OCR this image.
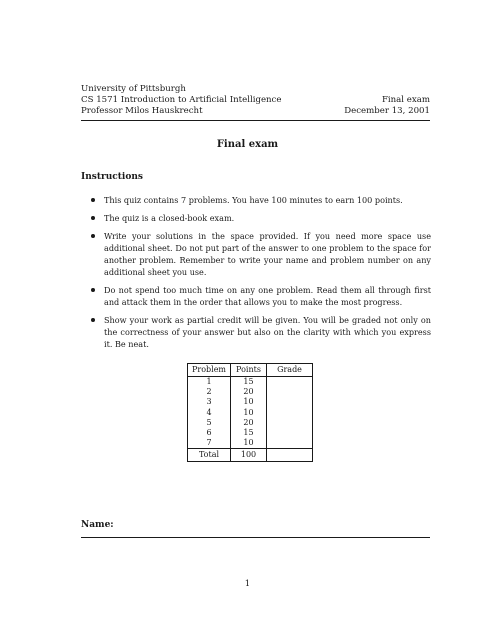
University of Pittsburgh
CS 1571 Introduction to Artificial Intelligence
Professor Milos Hauskrecht
Final exam
December 13, 2001
Final exam
Instructions
This quiz contains 7 problems. You have 100 minutes to earn 100 points.
The quiz is a closed-book exam.
Write your solutions in the space provided. If you need more space use additional sheet. Do not put part of the answer to one problem to the space for another problem. Remember to write your name and problem number on any additional sheet you use.
Do not spend too much time on any one problem. Read them all through first and attack them in the order that allows you to make the most progress.
Show your work as partial credit will be given. You will be graded not only on the correctness of your answer but also on the clarity with which you express it. Be neat.
Problem	Points	Grade
1	15	
2	20	
3	10	
4	10	
5	20	
6	15	
7	10	
Total	100	
Name:
1
